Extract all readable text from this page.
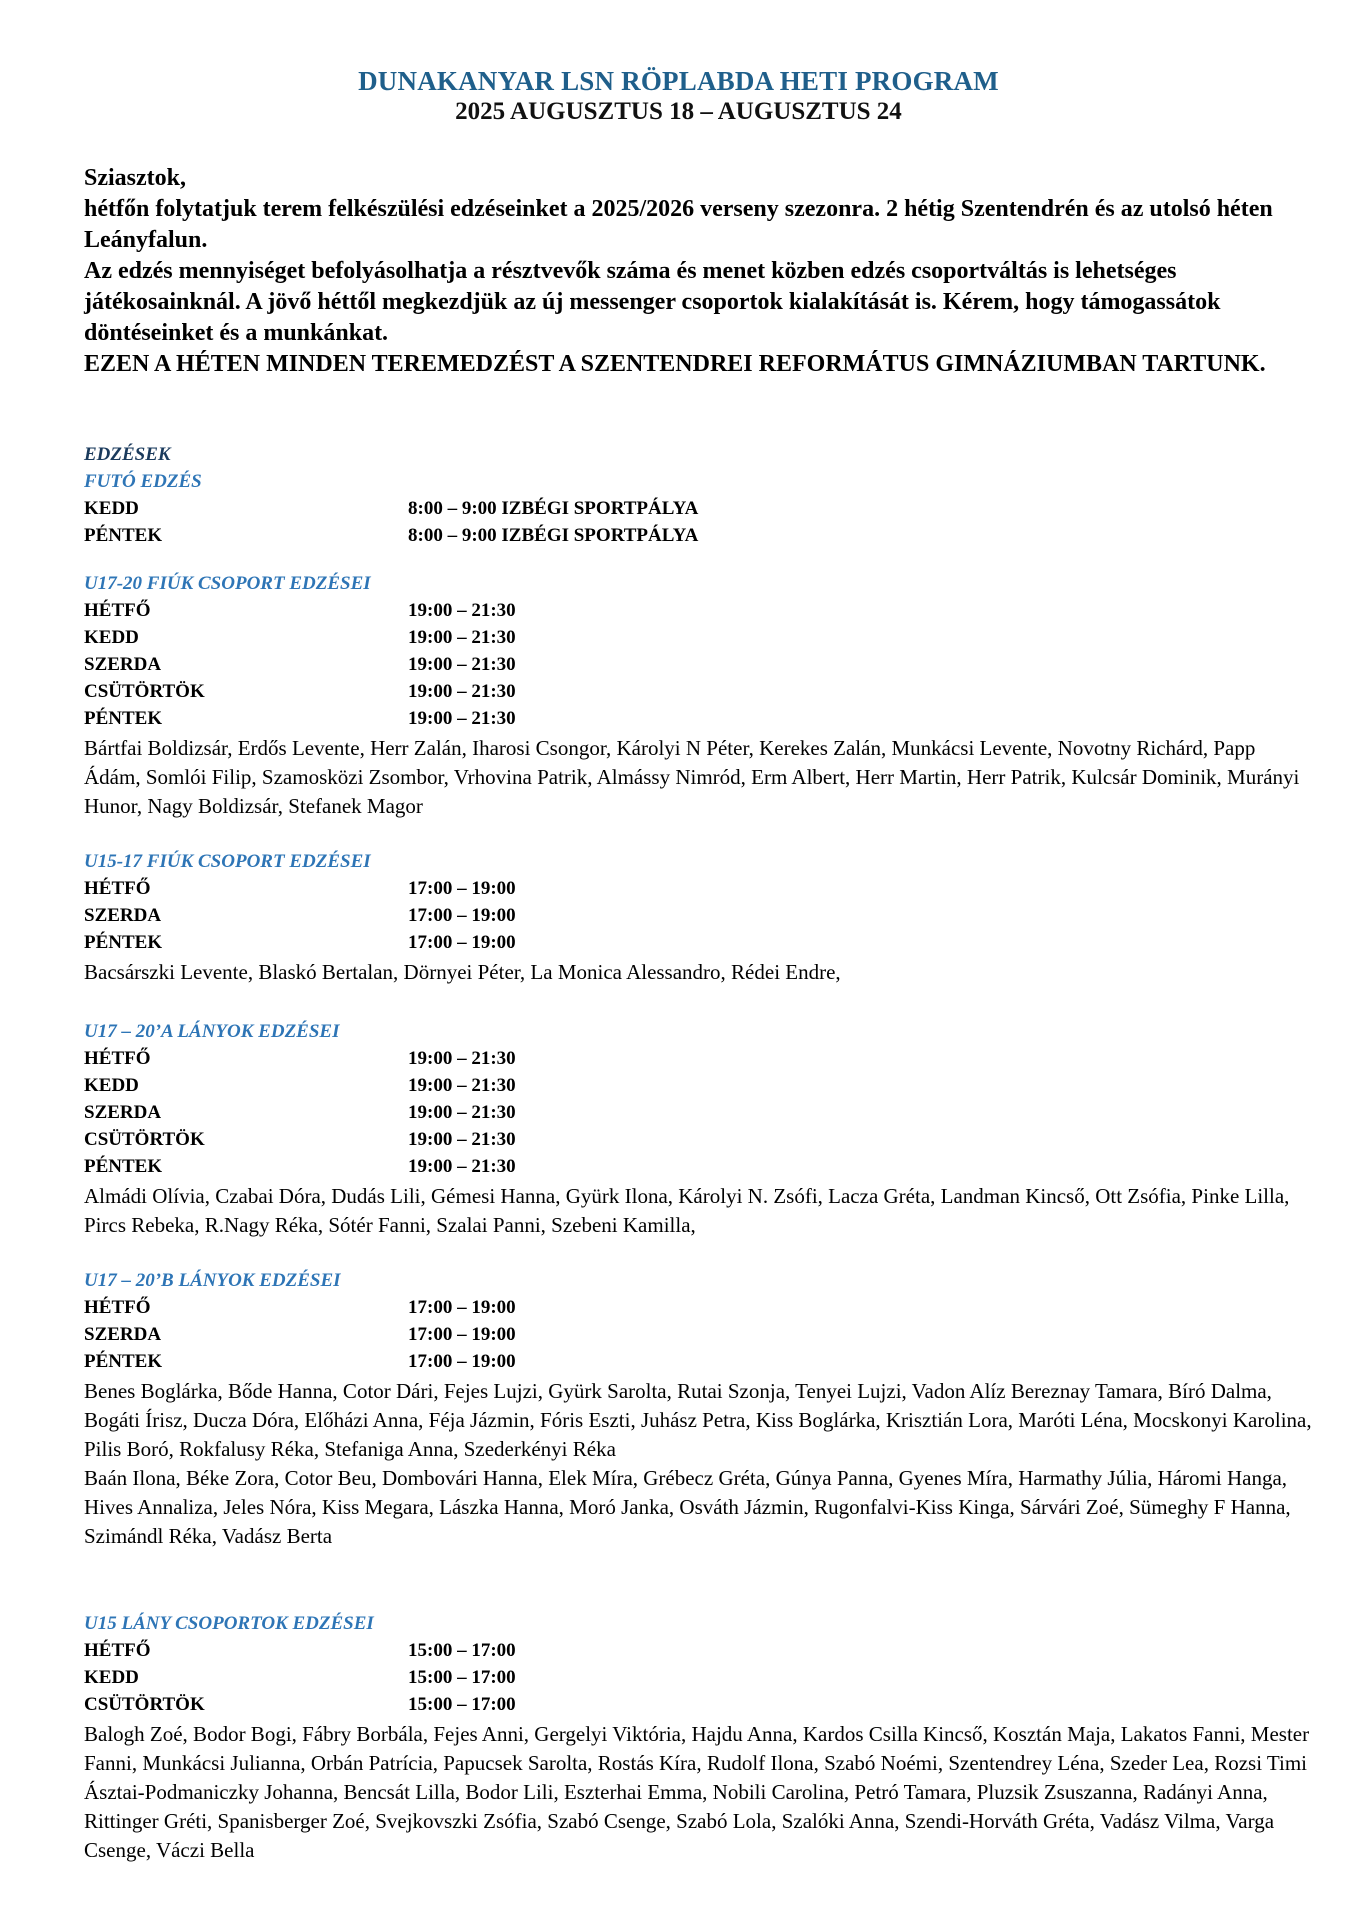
DUNAKANYAR LSN RÖPLABDA HETI PROGRAM
2025 AUGUSZTUS 18 – AUGUSZTUS 24

Sziasztok,

hétfőn folytatjuk terem felkészülési edzéseinket a 2025/2026 verseny szezonra. 2 hétig Szentendrén és az utolsó héten Leányfalun.

Az edzés mennyiséget befolyásolhatja a résztvevők száma és menet közben edzés csoportváltás is lehetséges játékosainknál. A jövő héttől megkezdjük az új messenger csoportok kialakítását is. Kérem, hogy támogassátok döntéseinket és a munkánkat.

EZEN A HÉTEN MINDEN TEREMEDZÉST A SZENTENDREI REFORMÁTUS GIMNÁZIUMBAN TARTUNK.

EDZÉSEK
FUTÓ EDZÉS
KEDD	8:00 – 9:00 IZBÉGI SPORTPÁLYA
PÉNTEK	8:00 – 9:00 IZBÉGI SPORTPÁLYA
U17-20 FIÚK CSOPORT EDZÉSEI
HÉTFŐ	19:00 – 21:30
KEDD	19:00 – 21:30
SZERDA	19:00 – 21:30
CSÜTÖRTÖK	19:00 – 21:30
PÉNTEK	19:00 – 21:30

Bártfai Boldizsár, Erdős Levente, Herr Zalán, Iharosi Csongor, Károlyi N Péter, Kerekes Zalán, Munkácsi Levente, Novotny Richárd, Papp Ádám, Somlói Filip, Szamosközi Zsombor, Vrhovina Patrik, Almássy Nimród, Erm Albert, Herr Martin, Herr Patrik, Kulcsár Dominik, Murányi Hunor, Nagy Boldizsár, Stefanek Magor

U15-17 FIÚK CSOPORT EDZÉSEI
HÉTFŐ	17:00 – 19:00
SZERDA	17:00 – 19:00
PÉNTEK	17:00 – 19:00

Bacsárszki Levente, Blaskó Bertalan, Dörnyei Péter, La Monica Alessandro, Rédei Endre,

U17 – 20’A LÁNYOK EDZÉSEI
HÉTFŐ	19:00 – 21:30
KEDD	19:00 – 21:30
SZERDA	19:00 – 21:30
CSÜTÖRTÖK	19:00 – 21:30
PÉNTEK	19:00 – 21:30

Almádi Olívia, Czabai Dóra, Dudás Lili, Gémesi Hanna, Gyürk Ilona, Károlyi N. Zsófi, Lacza Gréta, Landman Kincső, Ott Zsófia, Pinke Lilla, Pircs Rebeka, R.Nagy Réka, Sótér Fanni, Szalai Panni, Szebeni Kamilla,

U17 – 20’B LÁNYOK EDZÉSEI
HÉTFŐ	17:00 – 19:00
SZERDA	17:00 – 19:00
PÉNTEK	17:00 – 19:00

Benes Boglárka, Bőde Hanna, Cotor Dári, Fejes Lujzi, Gyürk Sarolta, Rutai Szonja, Tenyei Lujzi, Vadon Alíz Bereznay Tamara, Bíró Dalma, Bogáti Írisz, Ducza Dóra, Előházi Anna, Féja Jázmin, Fóris Eszti, Juhász Petra, Kiss Boglárka, Krisztián Lora, Maróti Léna, Mocskonyi Karolina, Pilis Boró, Rokfalusy Réka, Stefaniga Anna, Szederkényi Réka

Baán Ilona, Béke Zora, Cotor Beu, Dombovári Hanna, Elek Míra, Grébecz Gréta, Gúnya Panna, Gyenes Míra, Harmathy Júlia, Háromi Hanga, Hives Annaliza, Jeles Nóra, Kiss Megara, Lászka Hanna, Moró Janka, Osváth Jázmin, Rugonfalvi-Kiss Kinga, Sárvári Zoé, Sümeghy F Hanna, Szimándl Réka, Vadász Berta

U15 LÁNY CSOPORTOK EDZÉSEI
HÉTFŐ	15:00 – 17:00
KEDD	15:00 – 17:00
CSÜTÖRTÖK	15:00 – 17:00

Balogh Zoé, Bodor Bogi, Fábry Borbála, Fejes Anni, Gergelyi Viktória, Hajdu Anna, Kardos Csilla Kincső, Kosztán Maja, Lakatos Fanni, Mester Fanni, Munkácsi Julianna, Orbán Patrícia, Papucsek Sarolta, Rostás Kíra, Rudolf Ilona, Szabó Noémi, Szentendrey Léna, Szeder Lea, Rozsi Timi

Ásztai-Podmaniczky Johanna, Bencsát Lilla, Bodor Lili, Eszterhai Emma, Nobili Carolina, Petró Tamara, Pluzsik Zsuszanna, Radányi Anna, Rittinger Gréti, Spanisberger Zoé, Svejkovszki Zsófia, Szabó Csenge, Szabó Lola, Szalóki Anna, Szendi-Horváth Gréta, Vadász Vilma, Varga Csenge, Váczi Bella
